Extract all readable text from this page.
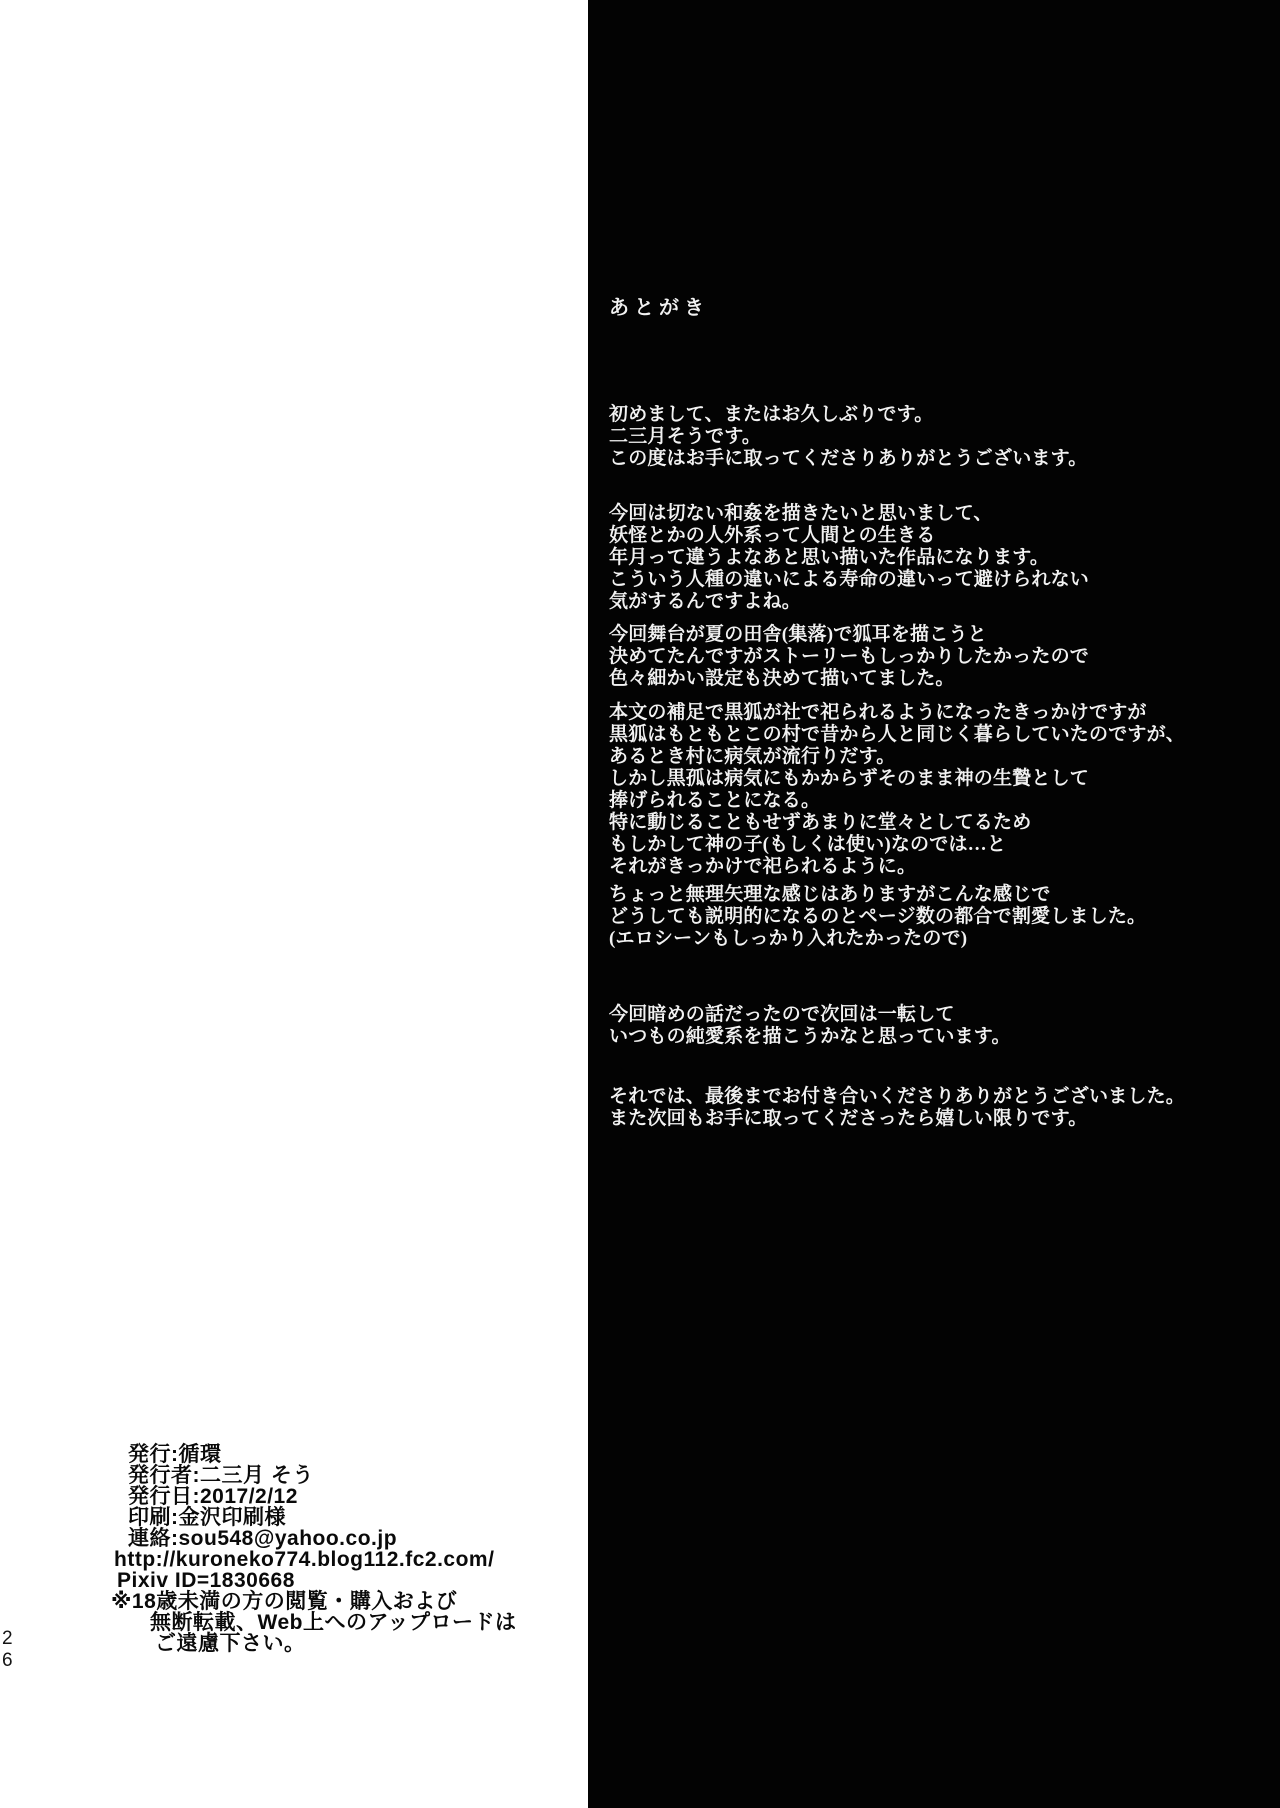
2
6
発行:循環
発行者:二三月 そう
発行日:2017/2/12
印刷:金沢印刷様
連絡:sou548@yahoo.co.jp
http://kuroneko774.blog112.fc2.com/
Pixiv ID=1830668
※18歳未満の方の閲覧・購入および
無断転載、Web上へのアップロードは
ご遠慮下さい。
あとがき
初めまして、またはお久しぶりです。
二三月そうです。
この度はお手に取ってくださりありがとうございます。
今回は切ない和姦を描きたいと思いまして、
妖怪とかの人外系って人間との生きる
年月って違うよなあと思い描いた作品になります。
こういう人種の違いによる寿命の違いって避けられない
気がするんですよね。
今回舞台が夏の田舎(集落)で狐耳を描こうと
決めてたんですがストーリーもしっかりしたかったので
色々細かい設定も決めて描いてました。
本文の補足で黒狐が社で祀られるようになったきっかけですが
黒狐はもともとこの村で昔から人と同じく暮らしていたのですが、
あるとき村に病気が流行りだす。
しかし黒孤は病気にもかからずそのまま神の生贄として
捧げられることになる。
特に動じることもせずあまりに堂々としてるため
もしかして神の子(もしくは使い)なのでは…と
それがきっかけで祀られるように。
ちょっと無理矢理な感じはありますがこんな感じで
どうしても説明的になるのとページ数の都合で割愛しました。
(エロシーンもしっかり入れたかったので)
今回暗めの話だったので次回は一転して
いつもの純愛系を描こうかなと思っています。
それでは、最後までお付き合いくださりありがとうございました。
また次回もお手に取ってくださったら嬉しい限りです。
